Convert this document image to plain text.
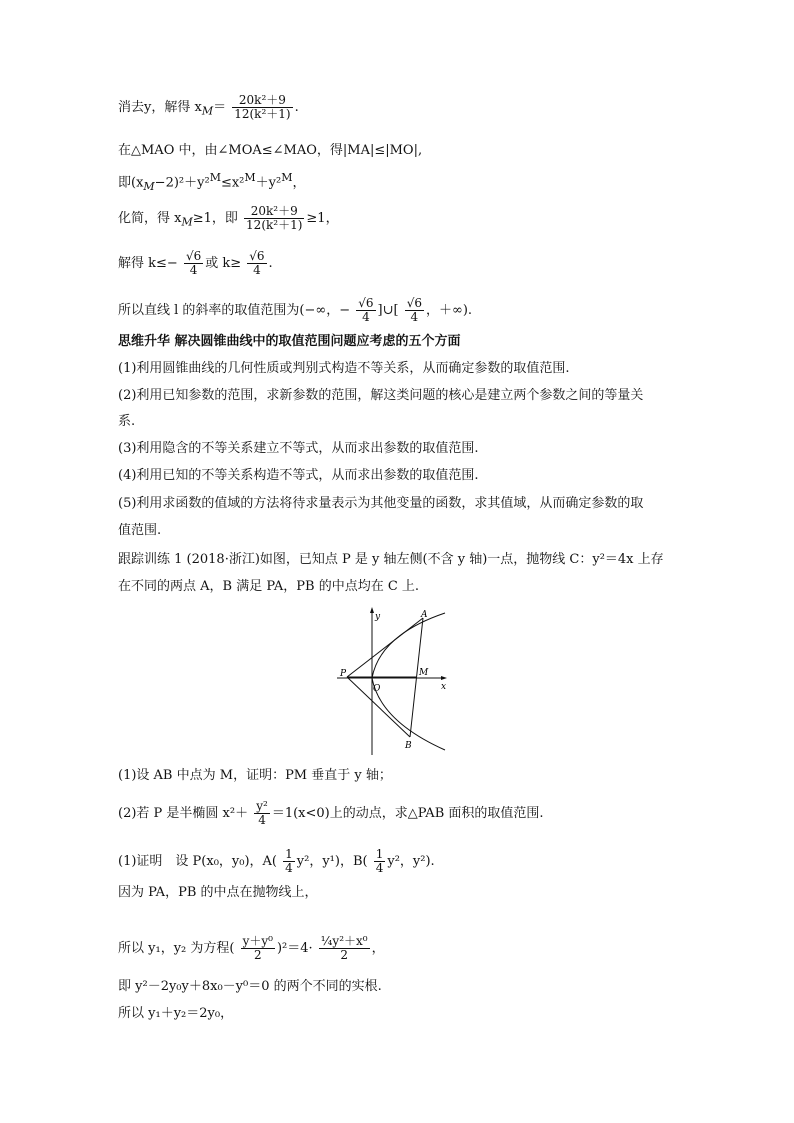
消去y，解得 $x_M= \frac{\text{20k²＋9}}{\text{12(k²＋1)}}$ .
在△MAO 中，由∠MOA≤∠MAO，得|MA|≤|MO|,
即$(x_M-2)^2+y^2^M\le x^2^M+y^2^M$，
化简，得 $x_M\ge 1$，即 $\frac{\text{20k²＋9}}{\text{12(k²＋1)}} \ge 1$，
解得 $k\le- \frac{√6}{4}$ 或 $k\ge \frac{√6}{4}$ .
所以直线 l 的斜率的取值范围为(−∞，− $\frac{√6}{4}$ ]∪[ $\frac{√6}{4}$ ，＋∞).
思维升华 解决圆锥曲线中的取值范围问题应考虑的五个方面
(1)利用圆锥曲线的几何性质或判别式构造不等关系，从而确定参数的取值范围.
(2)利用已知参数的范围，求新参数的范围，解这类问题的核心是建立两个参数之间的等量关
系.
(3)利用隐含的不等关系建立不等式，从而求出参数的取值范围.
(4)利用已知的不等关系构造不等式，从而求出参数的取值范围.
(5)利用求函数的值域的方法将待求量表示为其他变量的函数，求其值域，从而确定参数的取
值范围.
跟踪训练 1 (2018·浙江)如图，已知点 P 是 y 轴左侧(不含 y 轴)一点，抛物线 C：y²＝4x 上存
在不同的两点 A，B 满足 PA，PB 的中点均在 C 上.
y
x
O
P
A
M
B
(1)设 AB 中点为 M，证明：PM 垂直于 y 轴；
(2)若 P 是半椭圆 $x^2+ \frac{\text{y²}}{4} =1(x<0)$上的动点，求△PAB 面积的取值范围.
(1)证明　设 P(x₀，y₀)，$A( \frac{1}{4} y^2$，y¹)，$B( \frac{1}{4} y^2$，y²).
因为 PA，PB 的中点在抛物线上，
所以 y₁，y₂ 为方程( $\frac{\text{y＋y⁰}}{2} )^2=4\cdot \frac{\text{¼y²＋x⁰}}{2}$ ，
即 y²－2y₀y＋8x₀－y⁰＝0 的两个不同的实根.
所以 y₁＋y₂＝2y₀，
